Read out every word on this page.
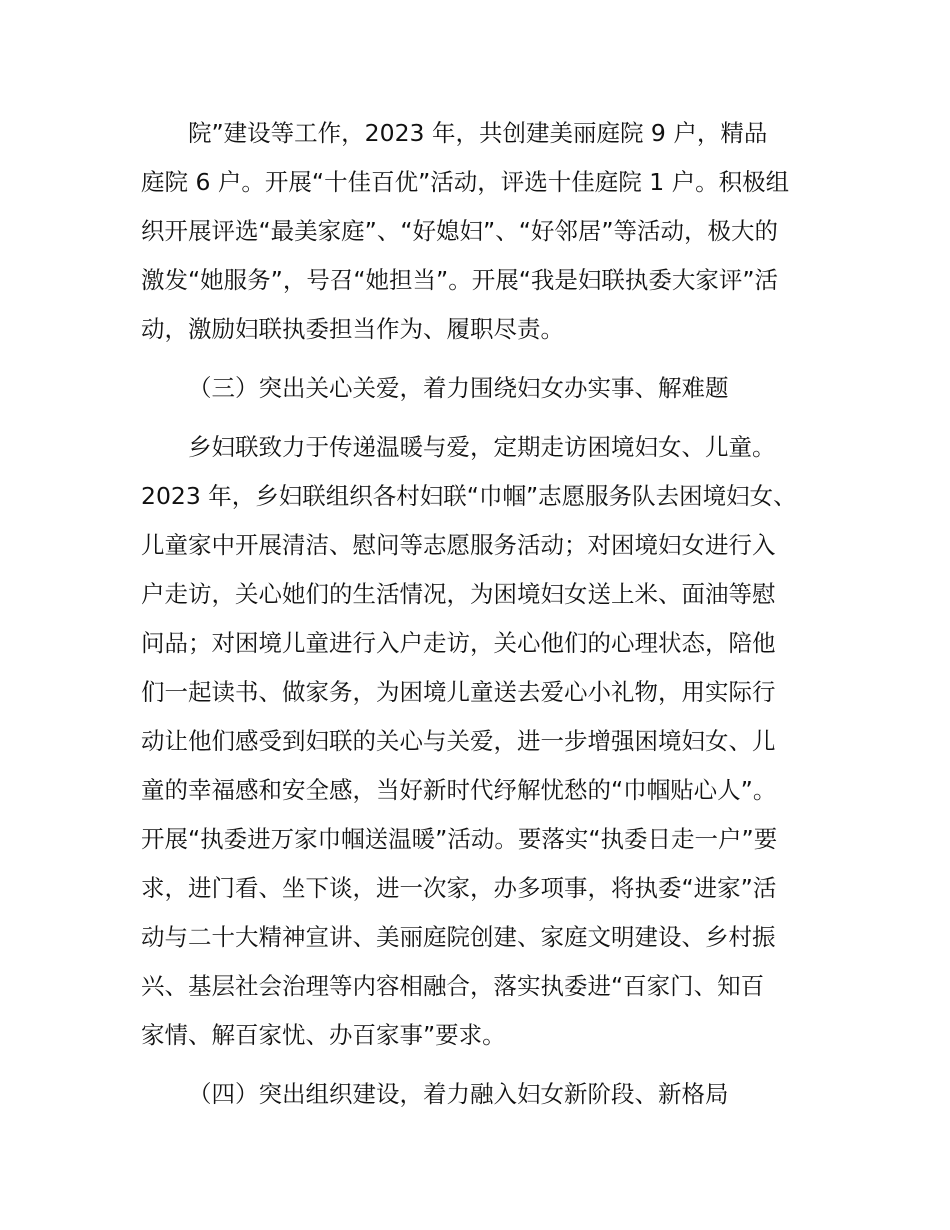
院”建设等工作，2023 年，共创建美丽庭院 9 户，精品
庭院 6 户。开展“十佳百优”活动，评选十佳庭院 1 户。积极组
织开展评选“最美家庭”、“好媳妇”、“好邻居”等活动，极大的
激发“她服务”，号召“她担当”。开展“我是妇联执委大家评”活
动，激励妇联执委担当作为、履职尽责。
（三）突出关心关爱，着力围绕妇女办实事、解难题
乡妇联致力于传递温暖与爱，定期走访困境妇女、儿童。
2023 年，乡妇联组织各村妇联“巾帼”志愿服务队去困境妇女、
儿童家中开展清洁、慰问等志愿服务活动；对困境妇女进行入
户走访，关心她们的生活情况，为困境妇女送上米、面油等慰
问品；对困境儿童进行入户走访，关心他们的心理状态，陪他
们一起读书、做家务，为困境儿童送去爱心小礼物，用实际行
动让他们感受到妇联的关心与关爱，进一步增强困境妇女、儿
童的幸福感和安全感，当好新时代纾解忧愁的“巾帼贴心人”。
开展“执委进万家巾帼送温暖”活动。要落实“执委日走一户”要
求，进门看、坐下谈，进一次家，办多项事，将执委“进家”活
动与二十大精神宣讲、美丽庭院创建、家庭文明建设、乡村振
兴、基层社会治理等内容相融合，落实执委进“百家门、知百
家情、解百家忧、办百家事”要求。
（四）突出组织建设，着力融入妇女新阶段、新格局
